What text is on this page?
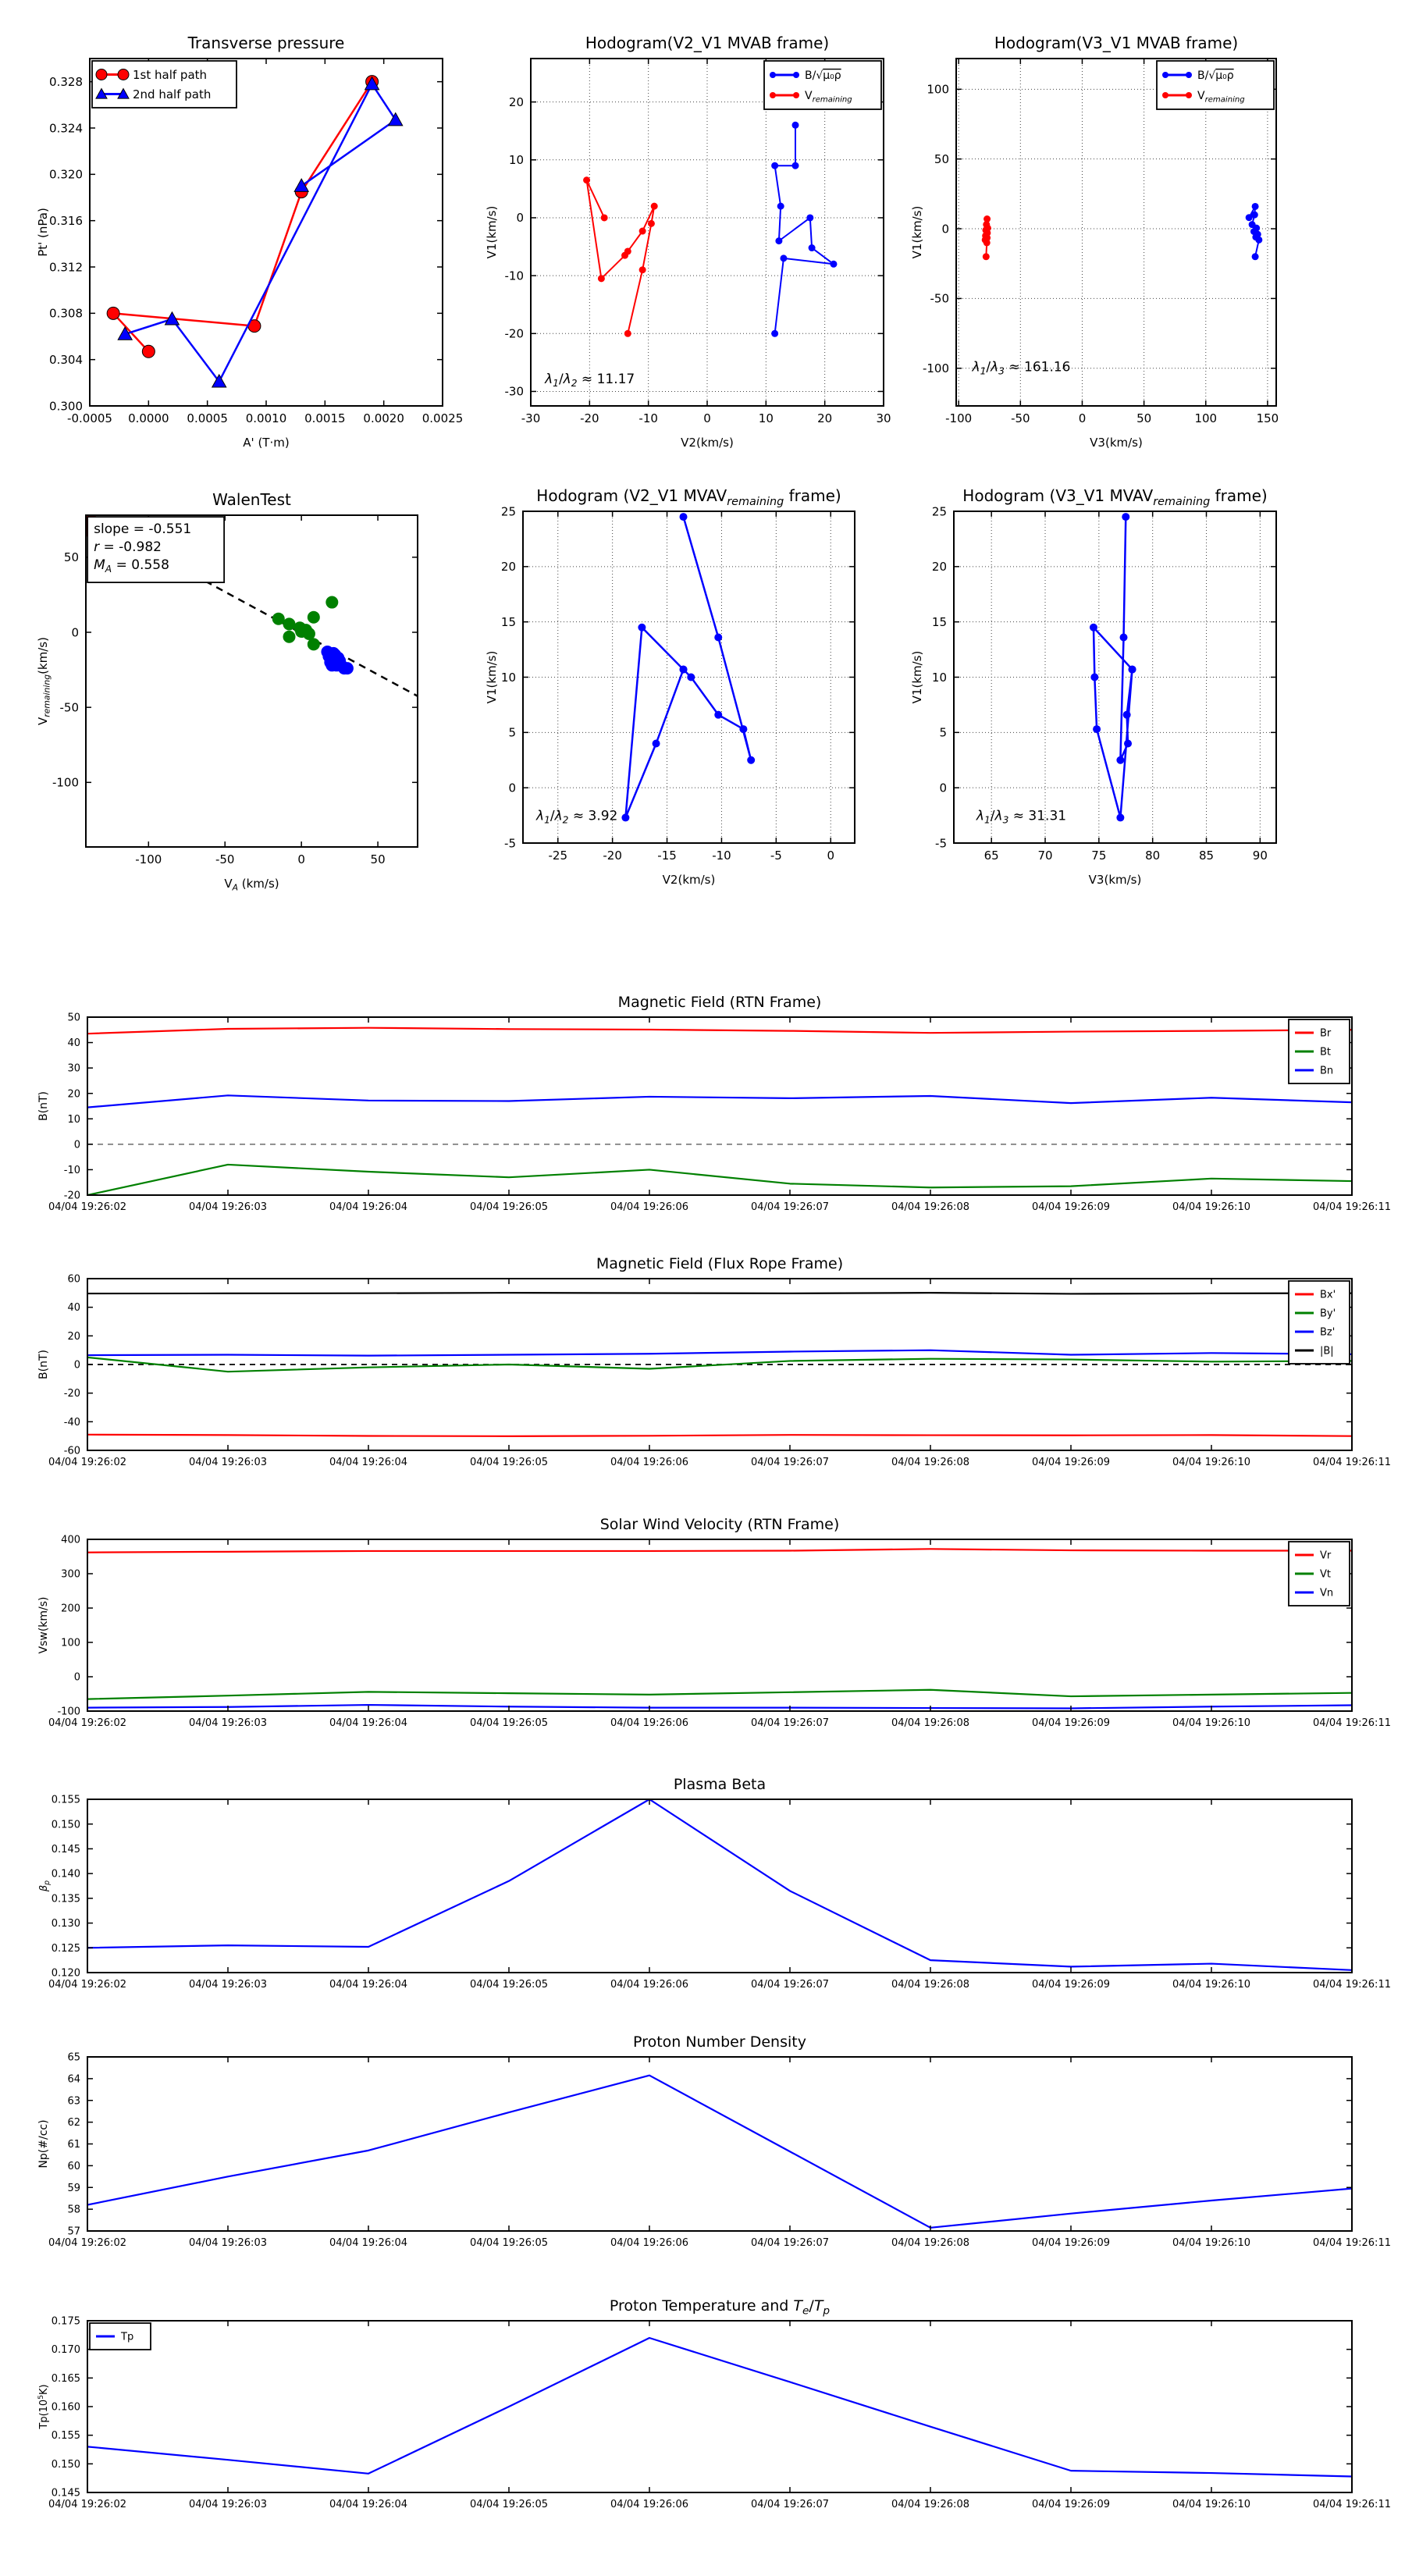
-0.0005 0.0000 0.0005 0.0010 0.0015 0.0020 0.0025
0.300
0.304
0.308
0.312
0.316
0.320
0.324
0.328
Transverse pressure
A' (T·m)
Pt' (nPa)
1st half path
2nd half path
-30	-20	-10	0	10	20	30
-30
-20
-10
0
10
20
Hodogram(V2_V1 MVAB frame)
V2(km/s)
V1(km/s)
B/√μ₀ρ
$V_{remaining}$
$\lambda_1/\lambda_2 \approx 11.17$
-100	-50	0	50	100	150
-100
-50
0
50
100
Hodogram(V3_V1 MVAB frame)
V3(km/s)
V1(km/s)
B/√μ₀ρ
$V_{remaining}$
$\lambda_1/\lambda_3 \approx 161.16$
-100	-50	0	50
-100
-50
0
50
WalenTest
$V_A$ (km/s)
$V_{remaining}(km/s)$
slope = -0.551
r = -0.982
$M_A = 0.558$
-25	-20	-15	-10	-5	0
-5
0
5
10
15
20
25
Hodogram (V2_V1 $MVAV_{remaining}$ frame)
V2(km/s)
V1(km/s)
$\lambda_1/\lambda_2 \approx 3.92$
65	70	75	80	85	90
-5
0
5
10
15
20
25
Hodogram (V3_V1 $MVAV_{remaining}$ frame)
V3(km/s)
V1(km/s)
$\lambda_1/\lambda_3 \approx 31.31$
04/04 19:26:02	04/04 19:26:03	04/04 19:26:04	04/04 19:26:05	04/04 19:26:06	04/04 19:26:07	04/04 19:26:08	04/04 19:26:09	04/04 19:26:10	04/04 19:26:11
-20
-10
0
10
20
30
40
50
Magnetic Field (RTN Frame)
B(nT)
Br
Bt
Bn
04/04 19:26:02	04/04 19:26:03	04/04 19:26:04	04/04 19:26:05	04/04 19:26:06	04/04 19:26:07	04/04 19:26:08	04/04 19:26:09	04/04 19:26:10	04/04 19:26:11
-60
-40
-20
0
20
40
60
Magnetic Field (Flux Rope Frame)
B(nT)
Bx'
By'
Bz'
|B|
04/04 19:26:02	04/04 19:26:03	04/04 19:26:04	04/04 19:26:05	04/04 19:26:06	04/04 19:26:07	04/04 19:26:08	04/04 19:26:09	04/04 19:26:10	04/04 19:26:11
-100
0
100
200
300
400
Solar Wind Velocity (RTN Frame)
Vsw(km/s)
Vr
Vt
Vn
04/04 19:26:02	04/04 19:26:03	04/04 19:26:04	04/04 19:26:05	04/04 19:26:06	04/04 19:26:07	04/04 19:26:08	04/04 19:26:09	04/04 19:26:10	04/04 19:26:11
0.120
0.125
0.130
0.135
0.140
0.145
0.150
0.155
Plasma Beta
$\beta_p$
04/04 19:26:02	04/04 19:26:03	04/04 19:26:04	04/04 19:26:05	04/04 19:26:06	04/04 19:26:07	04/04 19:26:08	04/04 19:26:09	04/04 19:26:10	04/04 19:26:11
57
58
59
60
61
62
63
64
65
Proton Number Density
Np(#/cc)
04/04 19:26:02	04/04 19:26:03	04/04 19:26:04	04/04 19:26:05	04/04 19:26:06	04/04 19:26:07	04/04 19:26:08	04/04 19:26:09	04/04 19:26:10	04/04 19:26:11
0.145
0.150
0.155
0.160
0.165
0.170
0.175
Proton Temperature and $T_e/T_p$
$Tp(10^5K)$
Tp
